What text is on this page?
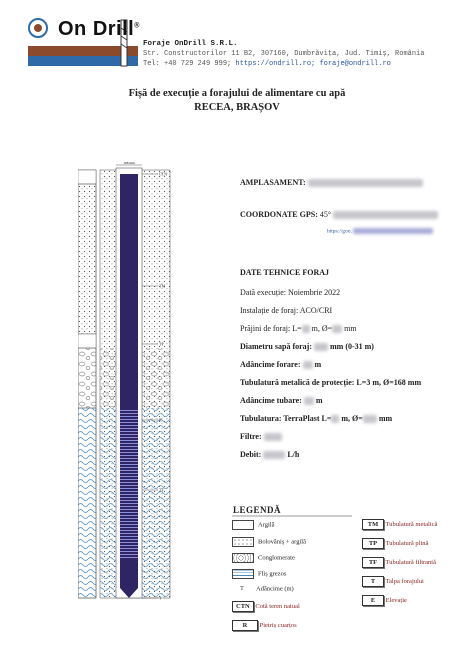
On Drill®
Foraje OnDrill S.R.L.
Str. Constructorilor 11 B2, 307160, Dumbrăvița, Jud. Timiș, România
Tel: +40 729 249 999; https://ondrill.ro; foraje@ondrill.ro
Fișă de execuție a forajului de alimentare cu apă
RECEA, BRAȘOV
168 mm
CTN
TM
TP
R
TF
T
AMPLASAMENT:
COORDONATE GPS: 45°
https://goo.
DATE TEHNICE FORAJ
Dată execuție: Noiembrie 2022
Instalație de foraj: ACO/CRI
Prăjini de foraj: L= m, Ø= mm
Diametru sapă foraj: mm (0-31 m)
Adâncime forare: m
Tubulatură metalică de protecție: L=3 m, Ø=168 mm
Adâncime tubare: m
Tubulatura: TerraPlast L= m, Ø= mm
Filtre:
Debit:	L/h
LEGENDĂ
Argilă
Bolovăniș + argilă
Conglomerate
Fliș grezos
T Adâncime (m)
CTN Cotă teren natual
R Pietriș cuarțos
TM Tubulatură metalică
TP Tubulatură plină
TF Tubulatură filtrantă
T Talpa forajului
E Elevație
